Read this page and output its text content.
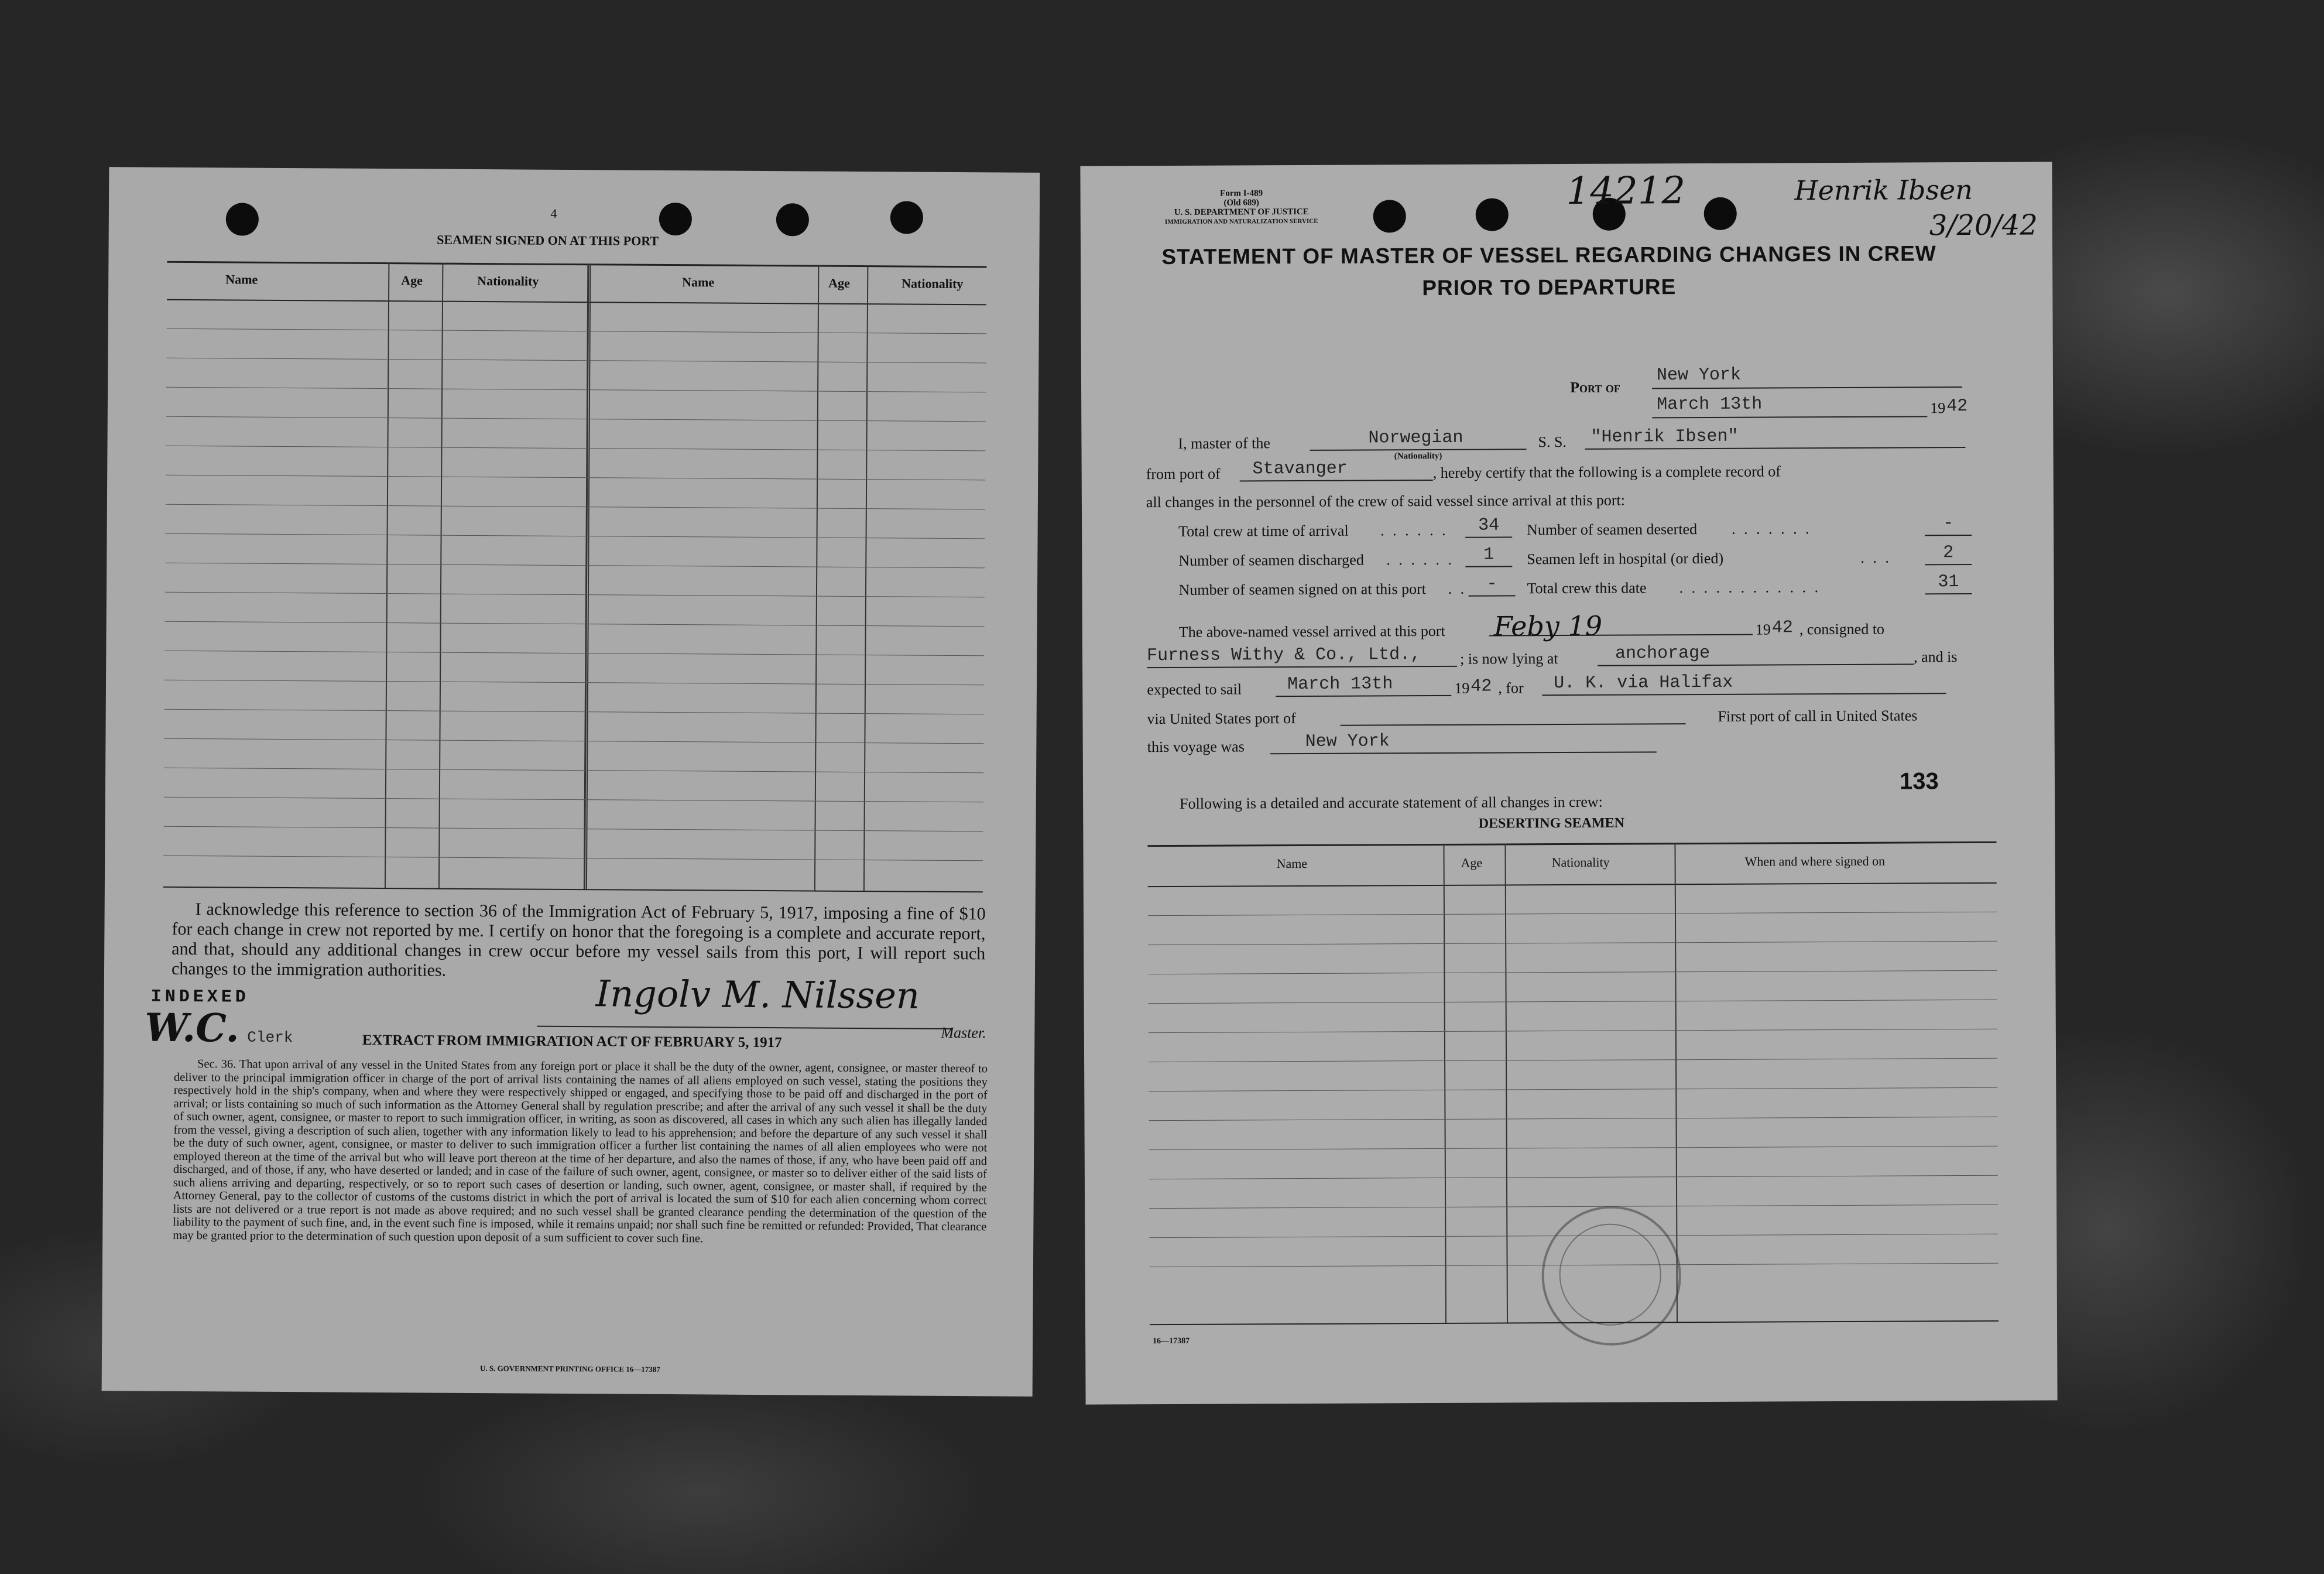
4
SEAMEN SIGNED ON AT THIS PORT
Name	Age	Nationality	Name	Age	Nationality
I acknowledge this reference to section 36 of the Immigration Act of February 5, 1917, imposing a fine of $10 for each change in crew not reported by me. I certify on honor that the foregoing is a complete and accurate report, and that, should any additional changes in crew occur before my vessel sails from this port, I will report such changes to the immigration authorities.
INDEXED
W.C. Clerk
Ingolv M. Nilssen
Master.
EXTRACT FROM IMMIGRATION ACT OF FEBRUARY 5, 1917
Sec. 36. That upon arrival of any vessel in the United States from any foreign port or place it shall be the duty of the owner, agent, consignee, or master thereof to deliver to the principal immigration officer in charge of the port of arrival lists containing the names of all aliens employed on such vessel, stating the positions they respectively hold in the ship's company, when and where they were respectively shipped or engaged, and specifying those to be paid off and discharged in the port of arrival; or lists containing so much of such information as the Attorney General shall by regulation prescribe; and after the arrival of any such vessel it shall be the duty of such owner, agent, consignee, or master to report to such immigration officer, in writing, as soon as discovered, all cases in which any such alien has illegally landed from the vessel, giving a description of such alien, together with any information likely to lead to his apprehension; and before the departure of any such vessel it shall be the duty of such owner, agent, consignee, or master to deliver to such immigration officer a further list containing the names of all alien employees who were not employed thereon at the time of the arrival but who will leave port thereon at the time of her departure, and also the names of those, if any, who have been paid off and discharged, and of those, if any, who have deserted or landed; and in case of the failure of such owner, agent, consignee, or master so to deliver either of the said lists of such aliens arriving and departing, respectively, or so to report such cases of desertion or landing, such owner, agent, consignee, or master shall, if required by the Attorney General, pay to the collector of customs of the customs district in which the port of arrival is located the sum of $10 for each alien concerning whom correct lists are not delivered or a true report is not made as above required; and no such vessel shall be granted clearance pending the determination of the question of the liability to the payment of such fine, and, in the event such fine is imposed, while it remains unpaid; nor shall such fine be remitted or refunded: Provided, That clearance may be granted prior to the determination of such question upon deposit of a sum sufficient to cover such fine.
U. S. GOVERNMENT PRINTING OFFICE 16—17387
Form I-489
(Old 689)
U. S. DEPARTMENT OF JUSTICE
IMMIGRATION AND NATURALIZATION SERVICE
14212	Henrik Ibsen
3/20/42
STATEMENT OF MASTER OF VESSEL REGARDING CHANGES IN CREW
PRIOR TO DEPARTURE
Port of
New York
March 13th	19 42
I, master of the	Norwegian
(Nationality)
S. S.	"Henrik Ibsen"
from port of	Stavanger	, hereby certify that the following is a complete record of
all changes in the personnel of the crew of said vessel since arrival at this port:
Total crew at time of arrival . . . . . .	34	Number of seamen deserted . . . . . . .	-
Number of seamen discharged . . . . . .	1	Seamen left in hospital (or died)	. . .	2
Number of seamen signed on at this port . .	-	Total crew this date . . . . . . . . . . . .	31
The above-named vessel arrived at this port Feby 19	19 42 , consigned to
Furness Withy & Co., Ltd.,	; is now lying at	anchorage	, and is
expected to sail	March 13th	19 42 , for	U. K. via Halifax
via United States port of	First port of call in United States
this voyage was	New York
133
Following is a detailed and accurate statement of all changes in crew:
DESERTING SEAMEN
Name	Age	Nationality	When and where signed on
16—17387
